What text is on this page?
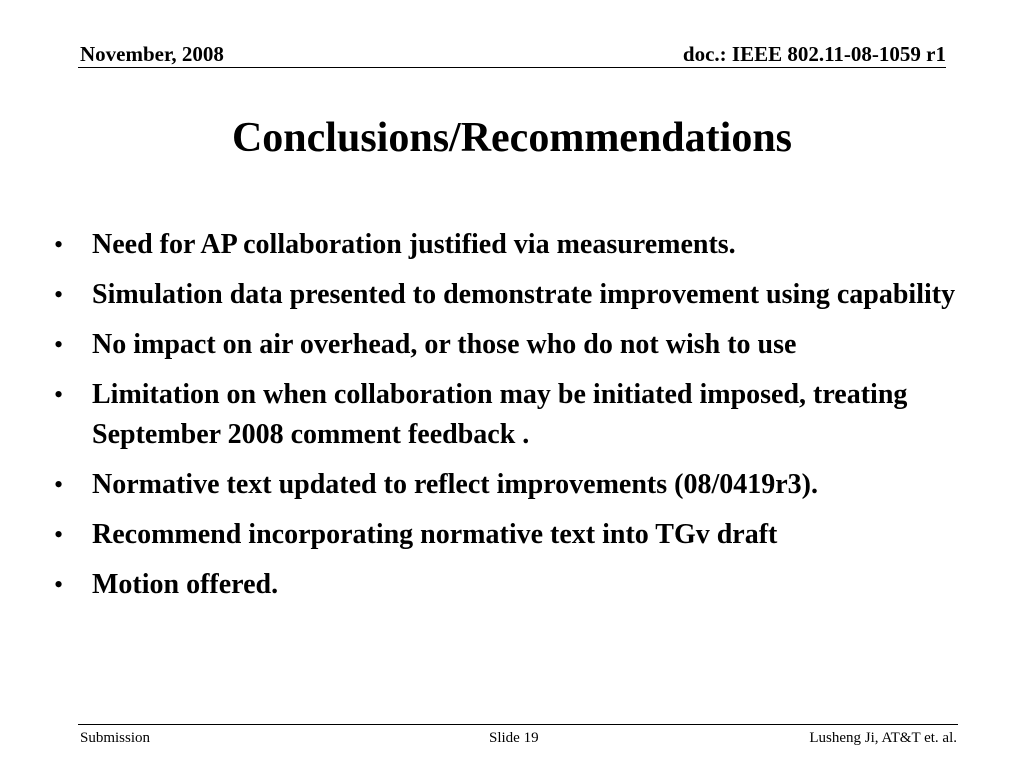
November, 2008	doc.: IEEE 802.11-08-1059 r1
Conclusions/Recommendations
•	Need for AP collaboration justified via measurements.
•	Simulation data presented to demonstrate improvement using capability
•	No impact on air overhead, or those who do not wish to use
•	Limitation on when collaboration may be initiated imposed, treating September 2008 comment feedback .
•	Normative text updated to reflect improvements (08/0419r3).
•	Recommend incorporating normative text into TGv draft
•	Motion offered.
Submission	Slide 19	Lusheng Ji, AT&T et. al.
